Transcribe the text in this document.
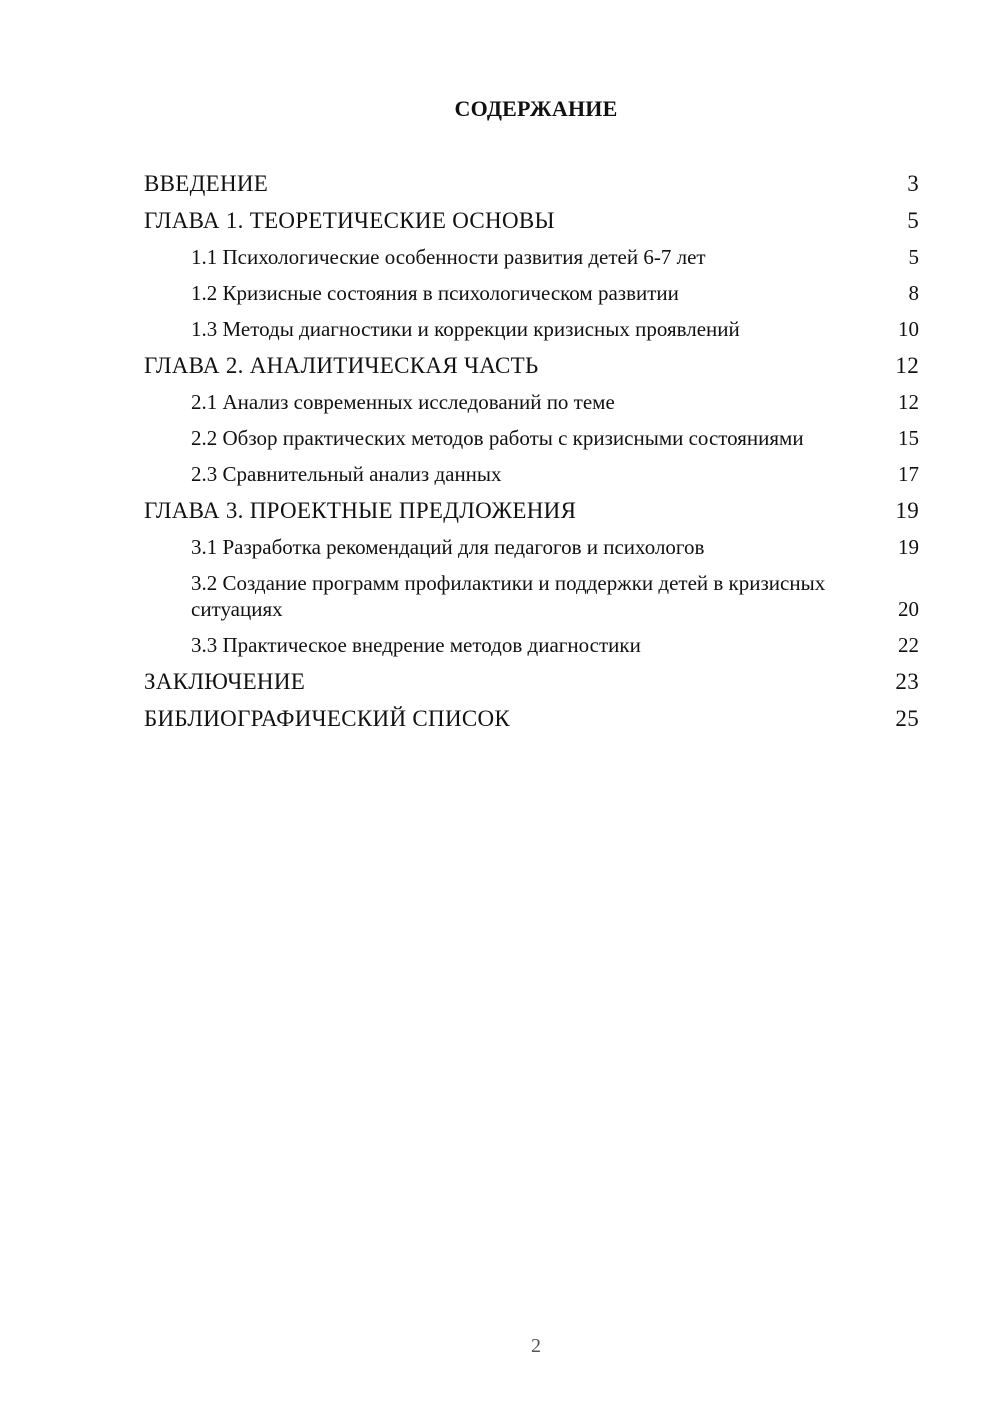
СОДЕРЖАНИЕ
ВВЕДЕНИЕ	3
ГЛАВА 1. ТЕОРЕТИЧЕСКИЕ ОСНОВЫ	5
1.1 Психологические особенности развития детей 6-7 лет	5
1.2 Кризисные состояния в психологическом развитии	8
1.3 Методы диагностики и коррекции кризисных проявлений	10
ГЛАВА 2. АНАЛИТИЧЕСКАЯ ЧАСТЬ	12
2.1 Анализ современных исследований по теме	12
2.2 Обзор практических методов работы с кризисными состояниями	15
2.3 Сравнительный анализ данных	17
ГЛАВА 3. ПРОЕКТНЫЕ ПРЕДЛОЖЕНИЯ	19
3.1 Разработка рекомендаций для педагогов и психологов	19
3.2 Создание программ профилактики и поддержки детей в кризисных ситуациях	20
3.3 Практическое внедрение методов диагностики	22
ЗАКЛЮЧЕНИЕ	23
БИБЛИОГРАФИЧЕСКИЙ СПИСОК	25
2
